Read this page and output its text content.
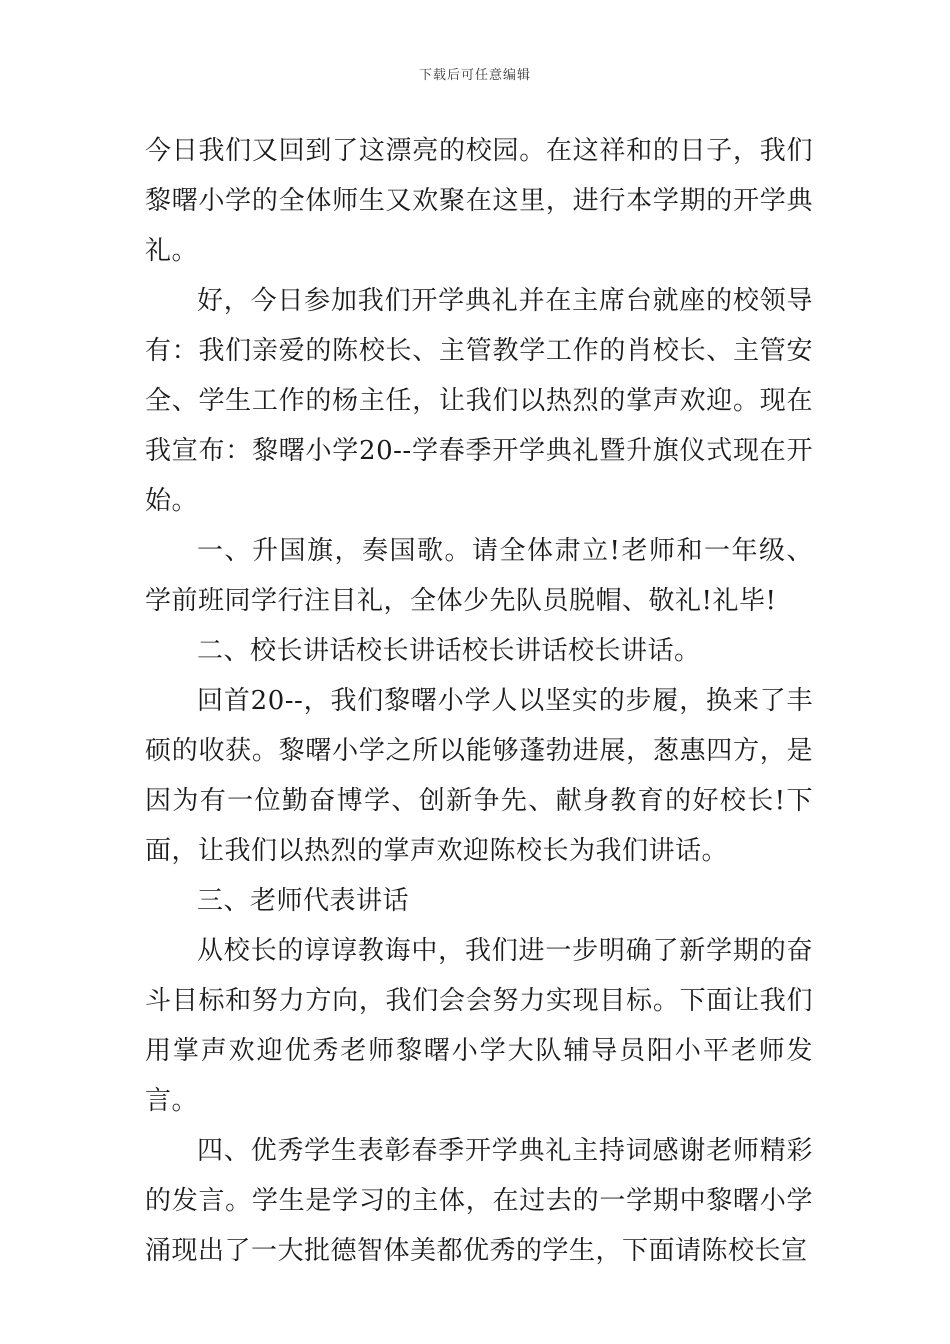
下载后可任意编辑

今日我们又回到了这漂亮的校园。在这祥和的日子，我们黎曙小学的全体师生又欢聚在这里，进行本学期的开学典礼。

好，今日参加我们开学典礼并在主席台就座的校领导有：我们亲爱的陈校长、主管教学工作的肖校长、主管安全、学生工作的杨主任，让我们以热烈的掌声欢迎。现在我宣布：黎曙小学20--学春季开学典礼暨升旗仪式现在开始。

一、升国旗，奏国歌。请全体肃立!老师和一年级、学前班同学行注目礼，全体少先队员脱帽、敬礼!礼毕!

二、校长讲话校长讲话校长讲话校长讲话。

回首20--，我们黎曙小学人以坚实的步履，换来了丰硕的收获。黎曙小学之所以能够蓬勃进展，葱惠四方，是因为有一位勤奋博学、创新争先、献身教育的好校长!下面，让我们以热烈的掌声欢迎陈校长为我们讲话。

三、老师代表讲话

从校长的谆谆教诲中，我们进一步明确了新学期的奋斗目标和努力方向，我们会会努力实现目标。下面让我们用掌声欢迎优秀老师黎曙小学大队辅导员阳小平老师发言。

四、优秀学生表彰春季开学典礼主持词感谢老师精彩的发言。学生是学习的主体，在过去的一学期中黎曙小学涌现出了一大批德智体美都优秀的学生，下面请陈校长宣
